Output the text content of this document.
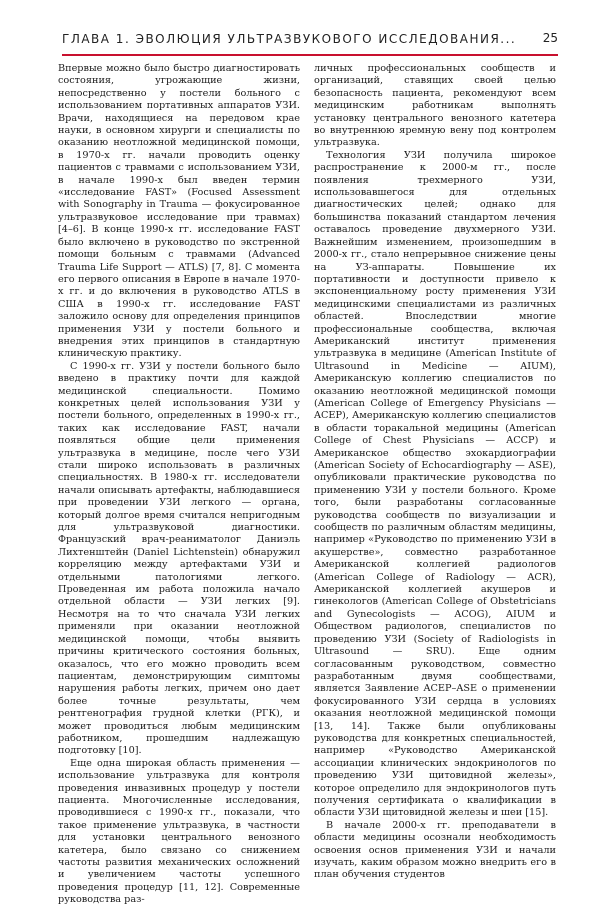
ГЛАВА 1. ЭВОЛЮЦИЯ УЛЬТРАЗВУКОВОГО ИССЛЕДОВАНИЯ... 25

Впервые можно было быстро диагностировать состояния, угрожающие жизни, непосредственно у постели больного с использованием портативных аппаратов УЗИ. Врачи, находящиеся на передовом крае науки, в основном хирурги и специалисты по оказанию неотложной медицинской помощи, в 1970-х гг. начали проводить оценку пациентов с травмами с использованием УЗИ, в начале 1990-х был введен термин «исследование FAST» (Focused Assessment with Sonography in Trauma — фокусированное ультразвуковое исследование при травмах) [4–6]. В конце 1990-х гг. исследование FAST было включено в руководство по экстренной помощи больным с травмами (Advanced Trauma Life Support — ATLS) [7, 8]. С момента его первого описания в Европе в начале 1970-х гг. и до включения в руководство ATLS в США в 1990-х гг. исследование FAST заложило основу для определения принципов применения УЗИ у постели больного и внедрения этих принципов в стандартную клиническую практику.

С 1990-х гг. УЗИ у постели больного было введено в практику почти для каждой медицинской специальности. Помимо конкретных целей использования УЗИ у постели больного, определенных в 1990-х гг., таких как исследование FAST, начали появляться общие цели применения ультразвука в медицине, после чего УЗИ стали широко использовать в различных специальностях. В 1980-х гг. исследователи начали описывать артефакты, наблюдавшиеся при проведении УЗИ легкого — органа, который долгое время считался непригодным для ультразвуковой диагностики. Французский врач-реаниматолог Даниэль Лихтенштейн (Daniel Lichtenstein) обнаружил корреляцию между артефактами УЗИ и отдельными патологиями легкого. Проведенная им работа положила начало отдельной области — УЗИ легких [9]. Несмотря на то что сначала УЗИ легких применяли при оказании неотложной медицинской помощи, чтобы выявить причины критического состояния больных, оказалось, что его можно проводить всем пациентам, демонстрирующим симптомы нарушения работы легких, причем оно дает более точные результаты, чем рентгенография грудной клетки (РГК), и может проводиться любым медицинским работником, прошедшим надлежащую подготовку [10].

Еще одна широкая область применения — использование ультразвука для контроля проведения инвазивных процедур у постели пациента. Многочисленные исследования, проводившиеся с 1990-х гг., показали, что такое применение ультразвука, в частности для установки центрального венозного катетера, было связано со снижением частоты развития механических осложнений и увеличением частоты успешного проведения процедур [11, 12]. Современные руководства раз-

личных профессиональных сообществ и организаций, ставящих своей целью безопасность пациента, рекомендуют всем медицинским работникам выполнять установку центрального венозного катетера во внутреннюю яремную вену под контролем ультразвука.

Технология УЗИ получила широкое распространение к 2000-м гг., после появления трехмерного УЗИ, использовавшегося для отдельных диагностических целей; однако для большинства показаний стандартом лечения оставалось проведение двухмерного УЗИ. Важнейшим изменением, произошедшим в 2000-х гг., стало непрерывное снижение цены на УЗ-аппараты. Повышение их портативности и доступности привело к экспоненциальному росту применения УЗИ медицинскими специалистами из различных областей. Впоследствии многие профессиональные сообщества, включая Американский институт применения ультразвука в медицине (American Institute of Ultrasound in Medicine — AIUM), Американскую коллегию специалистов по оказанию неотложной медицинской помощи (American College of Emergency Physicians — ACEP), Американскую коллегию специалистов в области торакальной медицины (American College of Chest Physicians — ACCP) и Американское общество эхокардиографии (American Society of Echocardiography — ASE), опубликовали практические руководства по применению УЗИ у постели больного. Кроме того, были разработаны согласованные руководства сообществ по визуализации и сообществ по различным областям медицины, например «Руководство по применению УЗИ в акушерстве», совместно разработанное Американской коллегией радиологов (American College of Radiology — ACR), Американской коллегией акушеров и гинекологов (American College of Obstetricians and Gynecologists — ACOG), AIUM и Обществом радиологов, специалистов по проведению УЗИ (Society of Radiologists in Ultrasound — SRU). Еще одним согласованным руководством, совместно разработанным двумя сообществами, является Заявление ACEP–ASE о применении фокусированного УЗИ сердца в условиях оказания неотложной медицинской помощи [13, 14]. Также были опубликованы руководства для конкретных специальностей, например «Руководство Американской ассоциации клинических эндокринологов по проведению УЗИ щитовидной железы», которое определило для эндокринологов путь получения сертификата о квалификации в области УЗИ щитовидной железы и шеи [15].

В начале 2000-х гг. преподаватели в области медицины осознали необходимость освоения основ применения УЗИ и начали изучать, каким образом можно внедрить его в план обучения студентов
